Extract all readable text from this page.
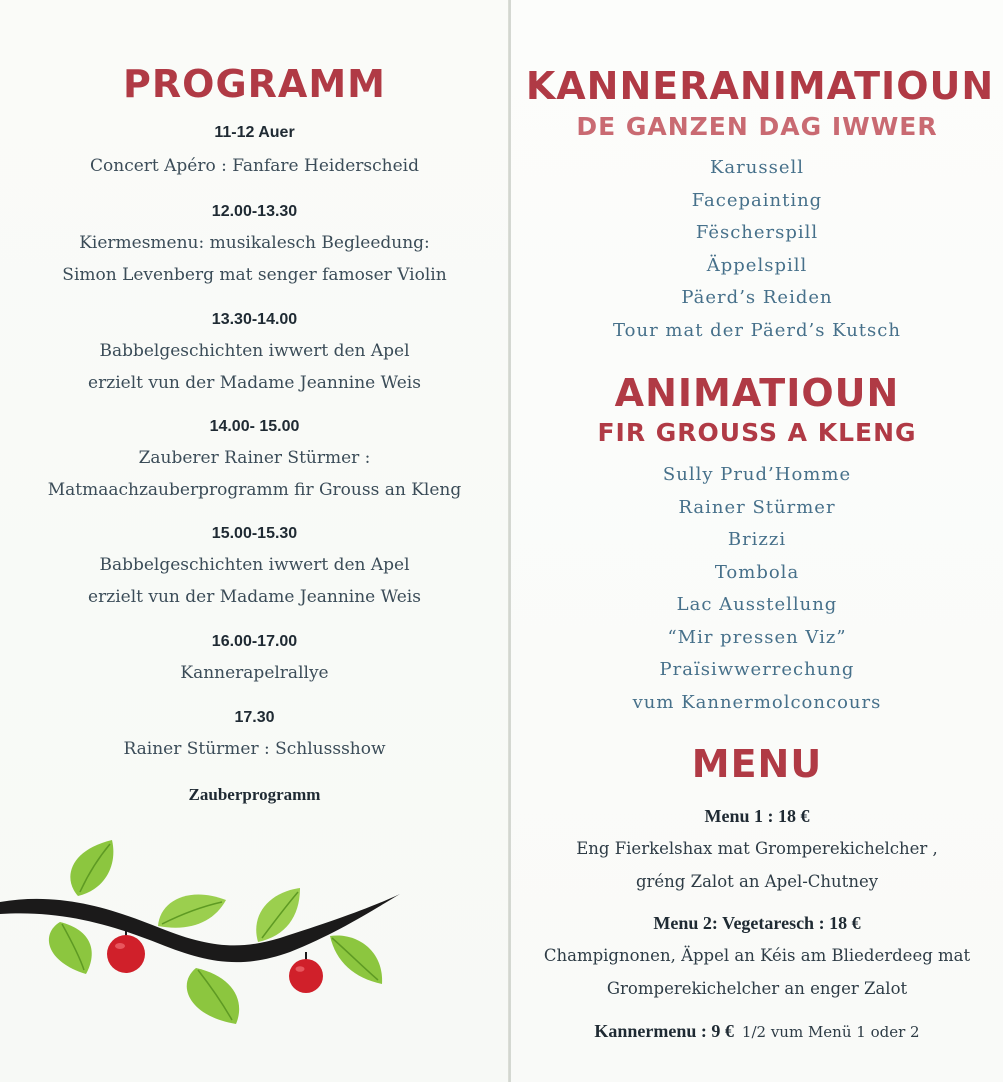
PROGRAMM
11-12 Auer
Concert Apéro : Fanfare Heiderscheid
12.00-13.30
Kiermesmenu: musikalesch Begleedung:
Simon Levenberg mat senger famoser Violin
13.30-14.00
Babbelgeschichten iwwert den Apel
erzielt vun der Madame Jeannine Weis
14.00- 15.00
Zauberer Rainer Stürmer :
Matmaachzauberprogramm fir Grouss an Kleng
15.00-15.30
Babbelgeschichten iwwert den Apel
erzielt vun der Madame Jeannine Weis
16.00-17.00
Kannerapelrallye
17.30
Rainer Stürmer : Schlussshow
Zauberprogramm
KANNERANIMATIOUN
DE GANZEN DAG IWWER
Karussell
Facepainting
Fëscherspill
Äppelspill
Päerd’s Reiden
Tour mat der Päerd’s Kutsch
ANIMATIOUN
FIR GROUSS A KLENG
Sully Prud’Homme
Rainer Stürmer
Brizzi
Tombola
Lac Ausstellung
“Mir pressen Viz”
Praïsiwwerrechung
vum Kannermolconcours
MENU
Menu 1 : 18 €
Eng Fierkelshax mat Gromperekichelcher ,
gréng Zalot an Apel-Chutney
Menu 2: Vegetaresch : 18 €
Champignonen, Äppel an Kéis am Bliederdeeg mat
Gromperekichelcher an enger Zalot
Kannermenu : 9 € 1/2 vum Menü 1 oder 2
